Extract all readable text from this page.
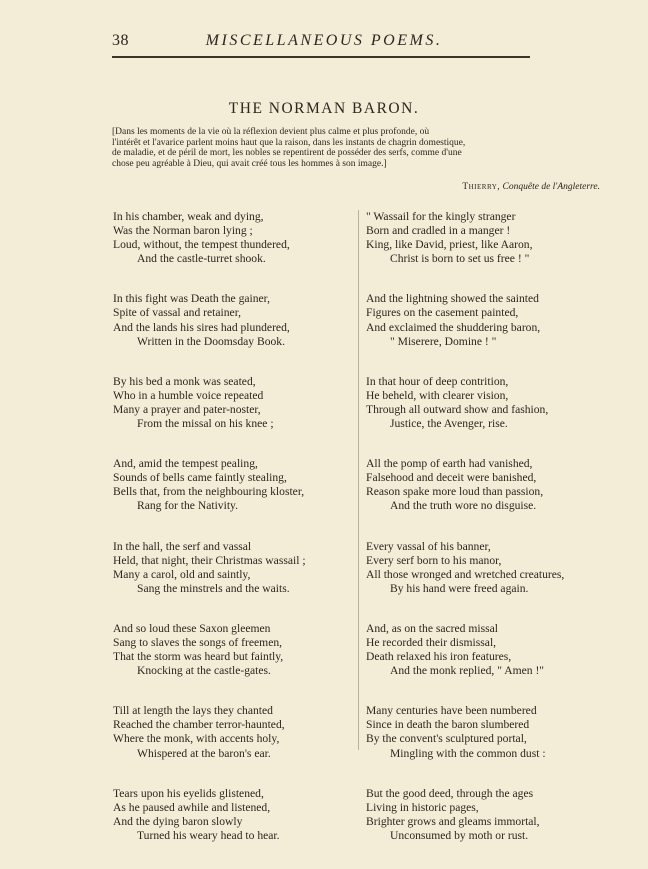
38	MISCELLANEOUS POEMS.
THE NORMAN BARON.
[Dans les moments de la vie où la réflexion devient plus calme et plus profonde, où
l'intérêt et l'avarice parlent moins haut que la raison, dans les instants de chagrin domestique,
de maladie, et de péril de mort, les nobles se repentirent de posséder des serfs, comme d'une
chose peu agréable à Dieu, qui avait créé tous les hommes à son image.]
Thierry, Conquête de l'Angleterre.
In his chamber, weak and dying,
Was the Norman baron lying ;
Loud, without, the tempest thundered,
And the castle-turret shook.
In this fight was Death the gainer,
Spite of vassal and retainer,
And the lands his sires had plundered,
Written in the Doomsday Book.
By his bed a monk was seated,
Who in a humble voice repeated
Many a prayer and pater-noster,
From the missal on his knee ;
And, amid the tempest pealing,
Sounds of bells came faintly stealing,
Bells that, from the neighbouring kloster,
Rang for the Nativity.
In the hall, the serf and vassal
Held, that night, their Christmas wassail ;
Many a carol, old and saintly,
Sang the minstrels and the waits.
And so loud these Saxon gleemen
Sang to slaves the songs of freemen,
That the storm was heard but faintly,
Knocking at the castle-gates.
Till at length the lays they chanted
Reached the chamber terror-haunted,
Where the monk, with accents holy,
Whispered at the baron's ear.
Tears upon his eyelids glistened,
As he paused awhile and listened,
And the dying baron slowly
Turned his weary head to hear.
" Wassail for the kingly stranger
Born and cradled in a manger !
King, like David, priest, like Aaron,
Christ is born to set us free ! "
And the lightning showed the sainted
Figures on the casement painted,
And exclaimed the shuddering baron,
" Miserere, Domine ! "
In that hour of deep contrition,
He beheld, with clearer vision,
Through all outward show and fashion,
Justice, the Avenger, rise.
All the pomp of earth had vanished,
Falsehood and deceit were banished,
Reason spake more loud than passion,
And the truth wore no disguise.
Every vassal of his banner,
Every serf born to his manor,
All those wronged and wretched creatures,
By his hand were freed again.
And, as on the sacred missal
He recorded their dismissal,
Death relaxed his iron features,
And the monk replied, " Amen !"
Many centuries have been numbered
Since in death the baron slumbered
By the convent's sculptured portal,
Mingling with the common dust :
But the good deed, through the ages
Living in historic pages,
Brighter grows and gleams immortal,
Unconsumed by moth or rust.
